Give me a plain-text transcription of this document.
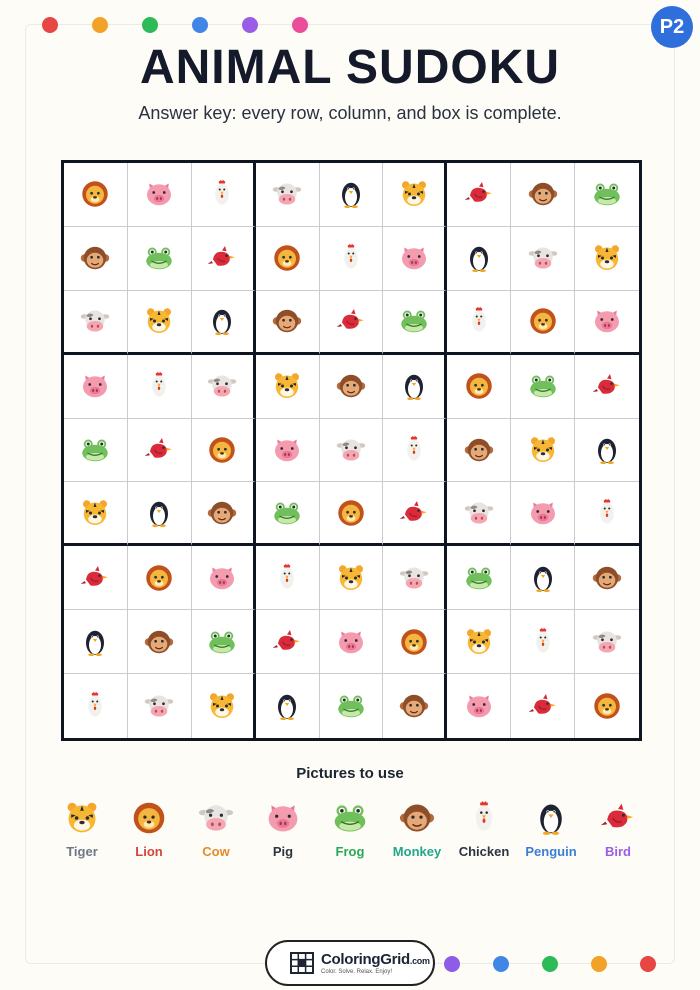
P2
ANIMAL SUDOKU
Answer key: every row, column, and box is complete.
Pictures to use
Tiger	Lion	Cow	Pig	Frog Monkey Chicken Penguin Bird
ColoringGrid.com
Color. Solve. Relax. Enjoy!
